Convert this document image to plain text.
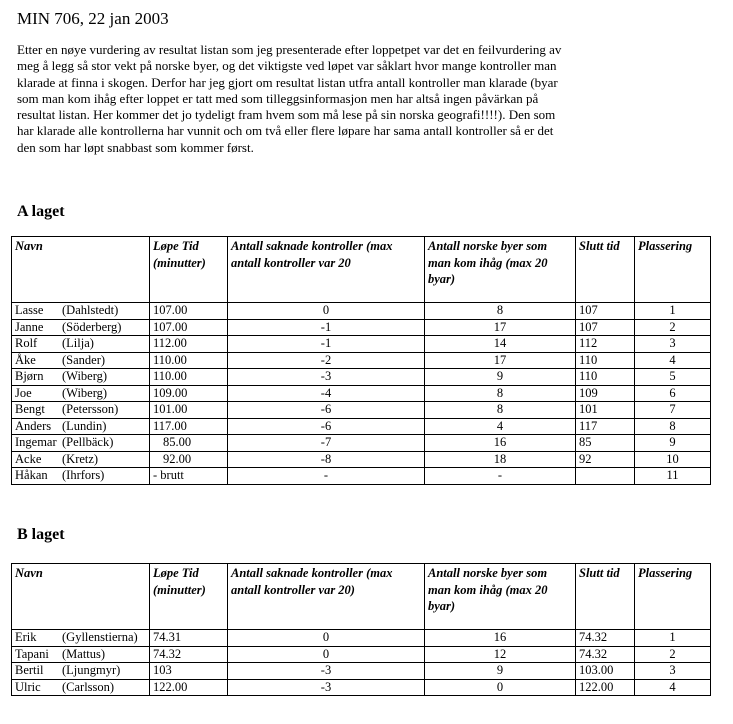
MIN 706, 22 jan 2003

Etter en nøye vurdering av resultat listan som jeg presenterade efter loppetpet var det en feilvurdering av meg å legg så stor vekt på norske byer, og det viktigste ved løpet var såklart hvor mange kontroller man klarade at finna i skogen. Derfor har jeg gjort om resultat listan utfra antall kontroller man klarade (byar som man kom ihåg efter loppet er tatt med som tilleggsinformasjon men har altså ingen påvärkan på resultat listan. Her kommer det jo tydeligt fram hvem som må lese på sin norska geografi!!!!). Den som har klarade alle kontrollerna har vunnit och om två eller flere løpare har sama antall kontroller så er det den som har løpt snabbast som kommer først.

A laget
Navn	Løpe Tid (minutter)	Antall saknade kontroller (max antall kontroller var 20	Antall norske byer som man kom ihåg (max 20 byar)	Slutt tid	Plassering
Lasse (Dahlstedt)	107.00	0	8	107	1
Janne (Söderberg)	107.00	-1	17	107	2
Rolf (Lilja)	112.00	-1	14	112	3
Åke (Sander)	110.00	-2	17	110	4
Bjørn (Wiberg)	110.00	-3	9	110	5
Joe (Wiberg)	109.00	-4	8	109	6
Bengt (Petersson)	101.00	-6	8	101	7
Anders (Lundin)	117.00	-6	4	117	8
Ingemar (Pellbäck)	85.00	-7	16	85	9
Acke (Kretz)	92.00	-8	18	92	10
Håkan (Ihrfors)	- brutt	-	-		11
B laget
Navn	Løpe Tid (minutter)	Antall saknade kontroller (max antall kontroller var 20)	Antall norske byer som man kom ihåg (max 20 byar)	Slutt tid	Plassering
Erik (Gyllenstierna)	74.31	0	16	74.32	1
Tapani (Mattus)	74.32	0	12	74.32	2
Bertil (Ljungmyr)	103	-3	9	103.00	3
Ulric (Carlsson)	122.00	-3	0	122.00	4
